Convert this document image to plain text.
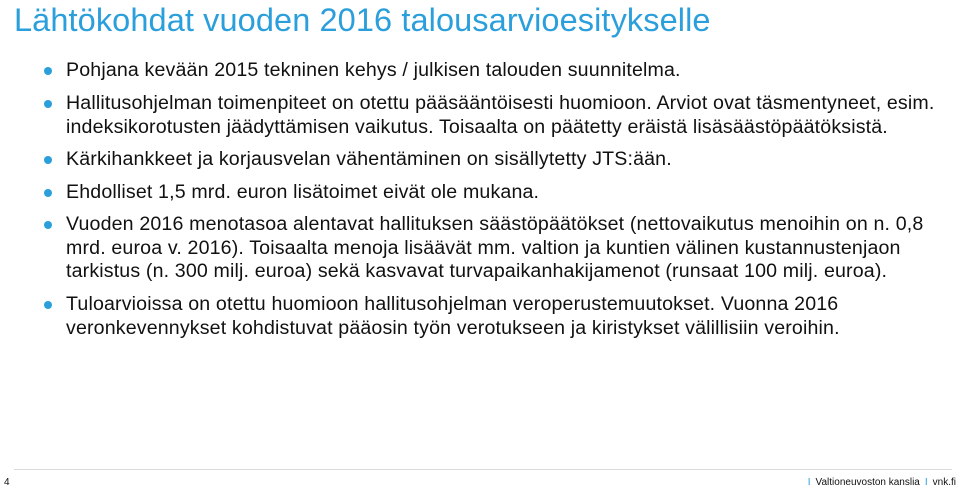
Lähtökohdat vuoden 2016 talousarvioesitykselle
Pohjana kevään 2015 tekninen kehys / julkisen talouden suunnitelma.
Hallitusohjelman toimenpiteet on otettu pääsääntöisesti huomioon. Arviot ovat täsmentyneet, esim. indeksikorotusten jäädyttämisen vaikutus. Toisaalta on päätetty eräistä lisäsäästöpäätöksistä.
Kärkihankkeet ja korjausvelan vähentäminen on sisällytetty JTS:ään.
Ehdolliset 1,5 mrd. euron lisätoimet eivät ole mukana.
Vuoden 2016 menotasoa alentavat hallituksen säästöpäätökset (nettovaikutus menoihin on n. 0,8 mrd. euroa v. 2016). Toisaalta menoja lisäävät mm. valtion ja kuntien välinen kustannustenjaon tarkistus (n. 300 milj. euroa) sekä kasvavat turvapaikanhakijamenot (runsaat 100 milj. euroa).
Tuloarvioissa on otettu huomioon hallitusohjelman veroperustemuutokset. Vuonna 2016 veronkevennykset kohdistuvat pääosin työn verotukseen ja kiristykset välillisiin veroihin.
4	I Valtioneuvoston kanslia I vnk.fi
